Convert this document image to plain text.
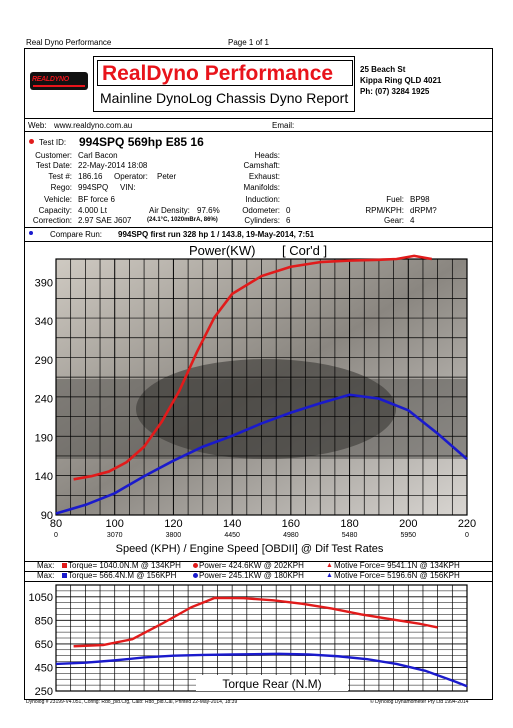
Real Dyno Performance	Page 1 of 1
REALDYNO RealDyno Performance
Mainline DynoLog Chassis Dyno Report
25 Beach St
Kippa Ring QLD 4021
Ph: (07) 3284 1925
Web: www.realdyno.com.au	Email:
Test ID: 994SPQ 569hp E85 16
Customer: Carl Bacon
Test Date: 22-May-2014 18:08
Test #: 186.16 Operator: Peter
Rego: 994SPQ VIN:
Vehicle: BF force 6
Capacity: 4.000 Lt	Air Density: 97.6%
Correction: 2.97 SAE J607	(24.1°C, 1020mBrA, 86%)
Heads:
Camshaft:
Exhaust:
Manifolds:
Induction:
Odometer: 0
Cylinders: 6
Fuel: BP98
RPM/KPH: dRPM?
Gear: 4
Compare Run: 994SPQ first run 328 hp 1 / 143.8, 19-May-2014, 7:51
Power(KW) [ Cor'd ]
390
340
290
240
190
140
90
80
0
100
3070
120
3800
140
4450
160
4980
180
5480
200
5950
220
0
Speed (KPH) / Engine Speed [OBDII] @ Dif Test Rates
Max: Torque= 1040.0N.M @ 134KPH Power= 424.6KW @ 202KPH	▲ Motive Force= 9541.1N @ 134KPH
Max: Torque= 566.4N.M @ 156KPH	Power= 245.1KW @ 180KPH	▲ Motive Force= 5196.6N @ 156KPH
1050
850
650
450
250
Torque Rear (N.M)
Dynolog # 23199-V4.051, Config: Rdo_pid.Cfg, Calb: Rdo_pid.Cal, Printed 22-May-2014, 18:39	© Dynolog Dynamometer Pty Ltd 1994-2014
